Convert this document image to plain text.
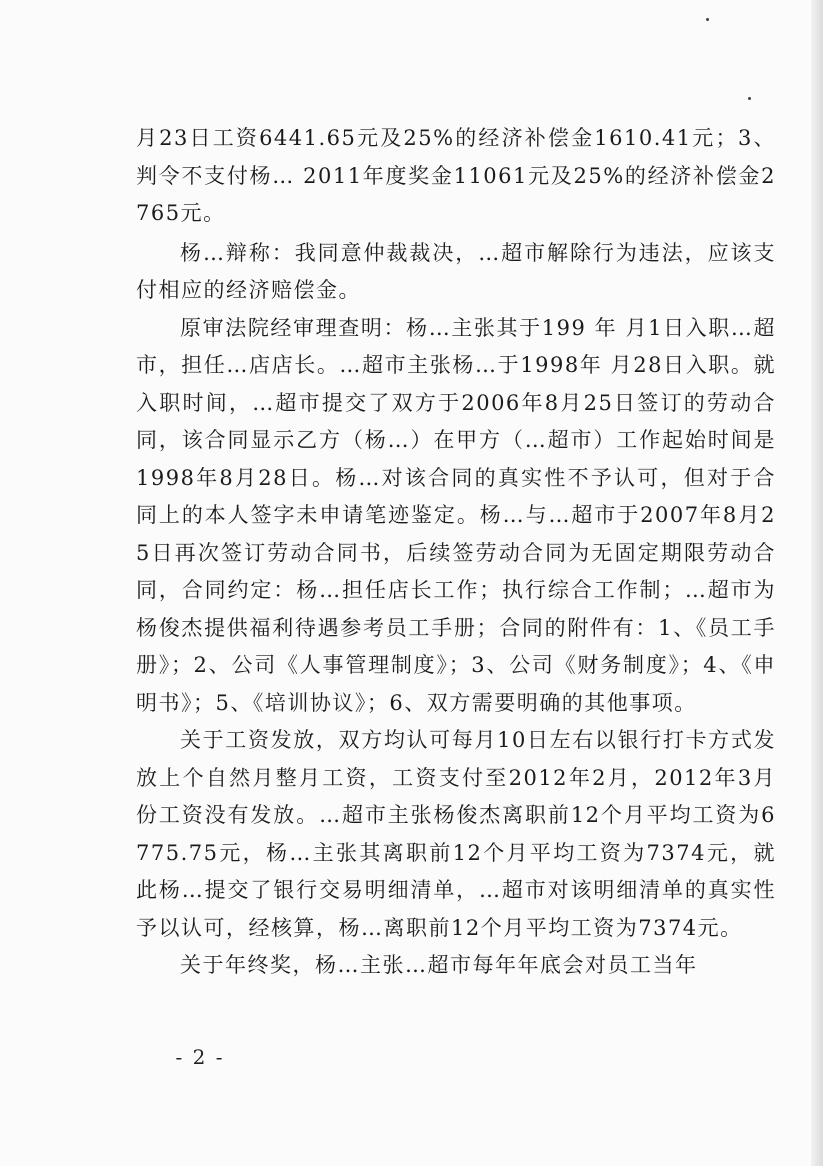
月23日工资6441.65元及25%的经济补偿金1610.41元；3、判令不支付杨… 2011年度奖金11061元及25%的经济补偿金2765元。

杨…辩称：我同意仲裁裁决，…超市解除行为违法，应该支付相应的经济赔偿金。

原审法院经审理查明：杨…主张其于199 年 月1日入职…超市，担任…店店长。…超市主张杨…于1998年 月28日入职。就入职时间，…超市提交了双方于2006年8月25日签订的劳动合同，该合同显示乙方（杨…）在甲方（…超市）工作起始时间是1998年8月28日。杨…对该合同的真实性不予认可，但对于合同上的本人签字未申请笔迹鉴定。杨…与…超市于2007年8月25日再次签订劳动合同书，后续签劳动合同为无固定期限劳动合同，合同约定：杨…担任店长工作；执行综合工作制；…超市为杨俊杰提供福利待遇参考员工手册；合同的附件有：1、《员工手册》；2、公司《人事管理制度》；3、公司《财务制度》；4、《申明书》；5、《培训协议》；6、双方需要明确的其他事项。

关于工资发放，双方均认可每月10日左右以银行打卡方式发放上个自然月整月工资，工资支付至2012年2月，2012年3月份工资没有发放。…超市主张杨俊杰离职前12个月平均工资为6775.75元，杨…主张其离职前12个月平均工资为7374元，就此杨…提交了银行交易明细清单，…超市对该明细清单的真实性予以认可，经核算，杨…离职前12个月平均工资为7374元。

关于年终奖，杨…主张…超市每年年底会对员工当年

- 2 -
